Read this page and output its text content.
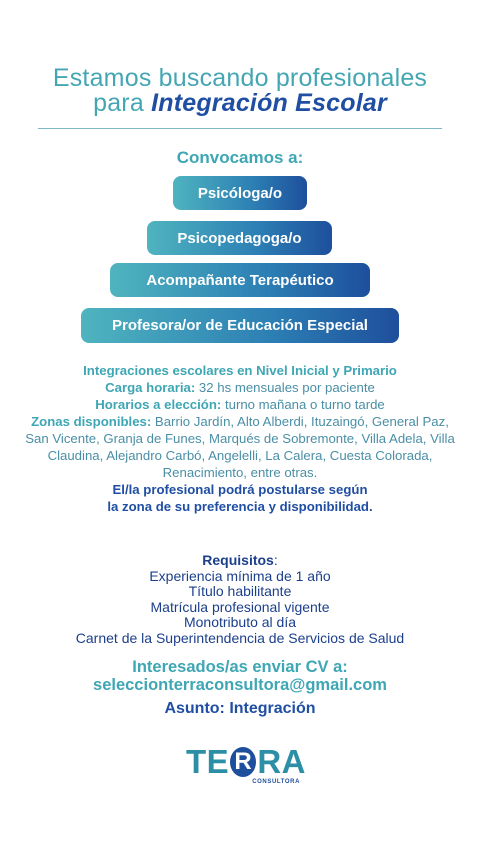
Estamos buscando profesionales
para Integración Escolar
Convocamos a:
Psicóloga/o
Psicopedagoga/o
Acompañante Terapéutico
Profesora/or de Educación Especial
Integraciones escolares en Nivel Inicial y Primario
Carga horaria: 32 hs mensuales por paciente
Horarios a elección: turno mañana o turno tarde
Zonas disponibles: Barrio Jardín, Alto Alberdi, Ituzaingó, General Paz, San Vicente, Granja de Funes, Marqués de Sobremonte, Villa Adela, Villa Claudina, Alejandro Carbó, Angelelli, La Calera, Cuesta Colorada, Renacimiento, entre otras.
El/la profesional podrá postularse según
la zona de su preferencia y disponibilidad.
Requisitos:
Experiencia mínima de 1 año
Título habilitante
Matrícula profesional vigente
Monotributo al día
Carnet de la Superintendencia de Servicios de Salud
Interesados/as enviar CV a:
seleccionterraconsultora@gmail.com
Asunto: Integración
TE R RA
CONSULTORA
